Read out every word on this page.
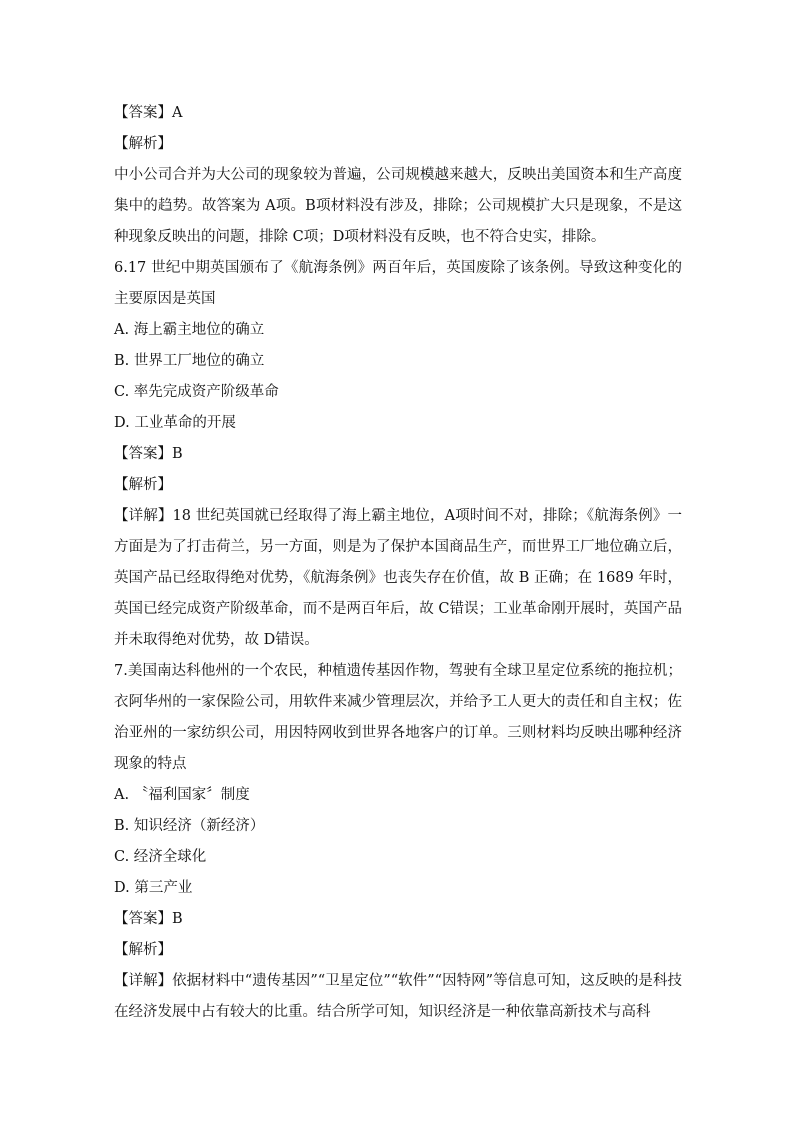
【答案】A
【解析】
中小公司合并为大公司的现象较为普遍，公司规模越来越大，反映出美国资本和生产高度集中的趋势。故答案为 A项。B项材料没有涉及，排除；公司规模扩大只是现象，不是这种现象反映出的问题，排除 C项；D项材料没有反映，也不符合史实，排除。
6.17 世纪中期英国颁布了《航海条例》两百年后，英国废除了该条例。导致这种变化的主要原因是英国
A. 海上霸主地位的确立
B. 世界工厂地位的确立
C. 率先完成资产阶级革命
D. 工业革命的开展
【答案】B
【解析】
【详解】18 世纪英国就已经取得了海上霸主地位，A项时间不对，排除；《航海条例》一方面是为了打击荷兰，另一方面，则是为了保护本国商品生产，而世界工厂地位确立后，英国产品已经取得绝对优势，《航海条例》也丧失存在价值，故 B 正确；在 1689 年时，英国已经完成资产阶级革命，而不是两百年后，故 C错误；工业革命刚开展时，英国产品并未取得绝对优势，故 D错误。
7.美国南达科他州的一个农民，种植遗传基因作物，驾驶有全球卫星定位系统的拖拉机；衣阿华州的一家保险公司，用软件来减少管理层次，并给予工人更大的责任和自主权；佐治亚州的一家纺织公司，用因特网收到世界各地客户的订单。三则材料均反映出哪种经济现象的特点
A. 〝福利国家〞制度
B. 知识经济（新经济）
C. 经济全球化
D. 第三产业
【答案】B
【解析】
【详解】依据材料中“遗传基因”“卫星定位”“软件”“因特网”等信息可知，这反映的是科技在经济发展中占有较大的比重。结合所学可知，知识经济是一种依靠高新技术与高科
